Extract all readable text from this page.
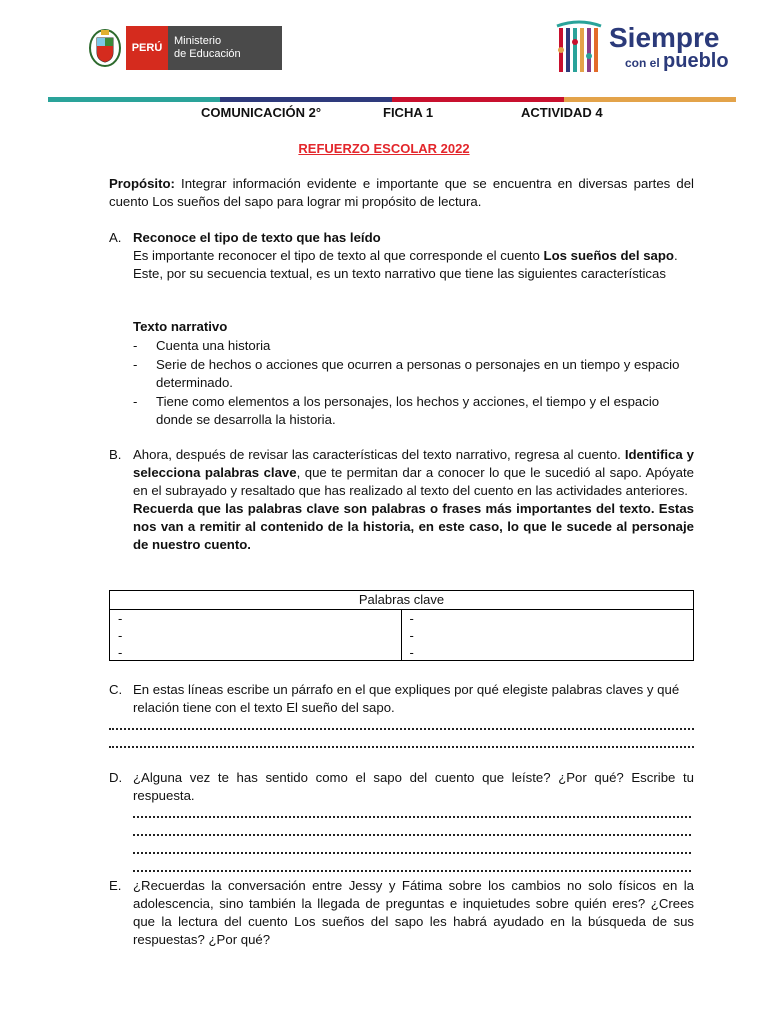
PERÚ
Ministerio
de Educación
Siempre
con el pueblo
COMUNICACIÓN 2°	FICHA 1	ACTIVIDAD 4
REFUERZO ESCOLAR 2022
Propósito: Integrar información evidente e importante que se encuentra en diversas partes del cuento Los sueños del sapo para lograr mi propósito de lectura.
A. Reconoce el tipo de texto que has leído
Es importante reconocer el tipo de texto al que corresponde el cuento Los sueños del sapo. Este, por su secuencia textual, es un texto narrativo que tiene las siguientes características
Texto narrativo
- Cuenta una historia
- Serie de hechos o acciones que ocurren a personas o personajes en un tiempo y espacio determinado.
- Tiene como elementos a los personajes, los hechos y acciones, el tiempo y el espacio donde se desarrolla la historia.
B. Ahora, después de revisar las características del texto narrativo, regresa al cuento. Identifica y selecciona palabras clave, que te permitan dar a conocer lo que le sucedió al sapo. Apóyate en el subrayado y resaltado que has realizado al texto del cuento en las actividades anteriores.
Recuerda que las palabras clave son palabras o frases más importantes del texto. Estas nos van a remitir al contenido de la historia, en este caso, lo que le sucede al personaje de nuestro cuento.
Palabras clave
-
-
-
-
-
-
C. En estas líneas escribe un párrafo en el que expliques por qué elegiste palabras claves y qué relación tiene con el texto El sueño del sapo.
D. ¿Alguna vez te has sentido como el sapo del cuento que leíste? ¿Por qué? Escribe tu respuesta.
E. ¿Recuerdas la conversación entre Jessy y Fátima sobre los cambios no solo físicos en la adolescencia, sino también la llegada de preguntas e inquietudes sobre quién eres? ¿Crees que la lectura del cuento Los sueños del sapo les habrá ayudado en la búsqueda de sus respuestas? ¿Por qué?
